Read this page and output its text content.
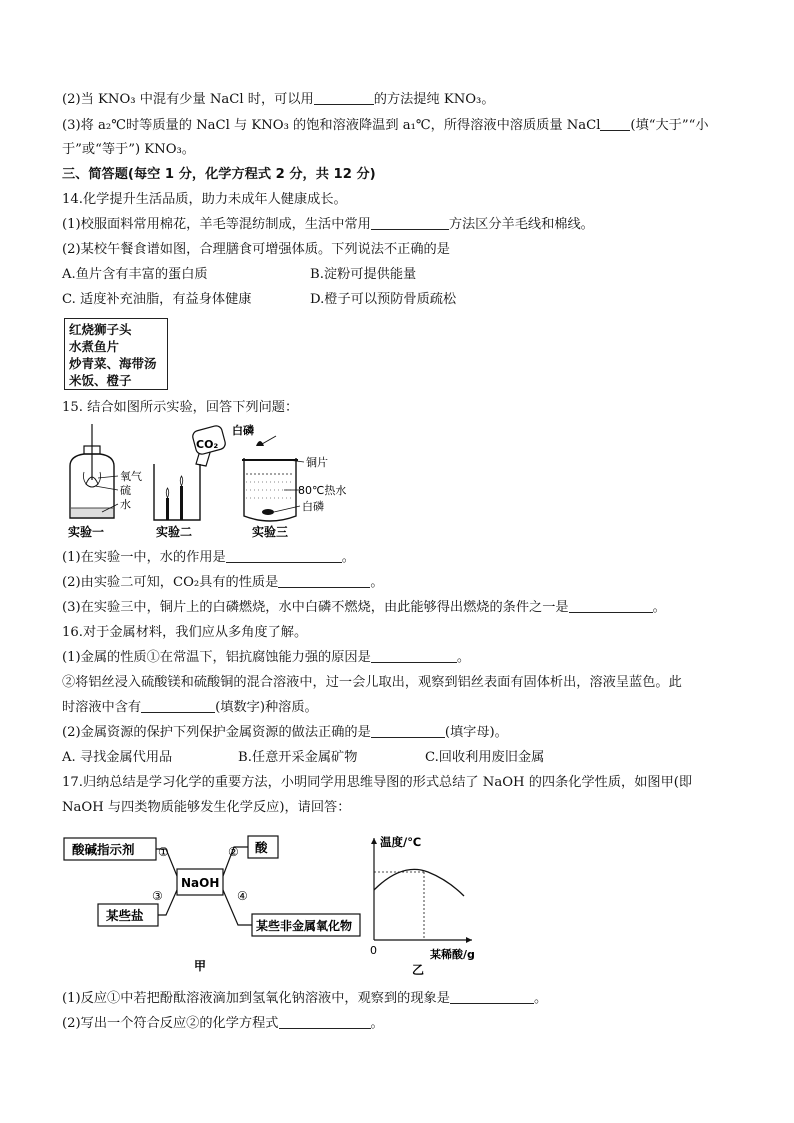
(2)当 KNO₃ 中混有少量 NaCl 时，可以用	的方法提纯 KNO₃。
(3)将 a₂℃时等质量的 NaCl 与 KNO₃ 的饱和溶液降温到 a₁℃，所得溶液中溶质质量 NaCl (填“大于”“小
于”或“等于”) KNO₃。
三、简答题(每空 1 分，化学方程式 2 分，共 12 分)
14.化学提升生活品质，助力未成年人健康成长。
(1)校服面料常用棉花，羊毛等混纺制成，生活中常用	方法区分羊毛线和棉线。
(2)某校午餐食谱如图，合理膳食可增强体质。下列说法不正确的是
A.鱼片含有丰富的蛋白质	B.淀粉可提供能量
C. 适度补充油脂，有益身体健康	D.橙子可以预防骨质疏松
红烧狮子头
水煮鱼片
炒青菜、海带汤
米饭、橙子
15. 结合如图所示实验，回答下列问题：
氧气
硫
水
实验一
CO₂
实验二
白磷
铜片
80℃热水
白磷
实验三
(1)在实验一中，水的作用是	。
(2)由实验二可知，CO₂具有的性质是	。
(3)在实验三中，铜片上的白磷燃烧，水中白磷不燃烧，由此能够得出燃烧的条件之一是	。
16.对于金属材料，我们应从多角度了解。
(1)金属的性质①在常温下，铝抗腐蚀能力强的原因是	。
②将铝丝浸入硫酸镁和硫酸铜的混合溶液中，过一会儿取出，观察到铝丝表面有固体析出，溶液呈蓝色。此
时溶液中含有	(填数字)种溶质。
(2)金属资源的保护下列保护金属资源的做法正确的是	(填字母)。
A. 寻找金属代用品	B.任意开采金属矿物	C.回收利用废旧金属
17.归纳总结是学习化学的重要方法，小明同学用思维导图的形式总结了 NaOH 的四条化学性质，如图甲(即
NaOH 与四类物质能够发生化学反应)，请回答：
酸碱指示剂	酸
NaOH
某些盐
某些非金属氧化物
①	②
③	④
甲
温度/℃
0	某稀酸/g
乙
(1)反应①中若把酚酞溶液滴加到氢氧化钠溶液中，观察到的现象是	。
(2)写出一个符合反应②的化学方程式	。
